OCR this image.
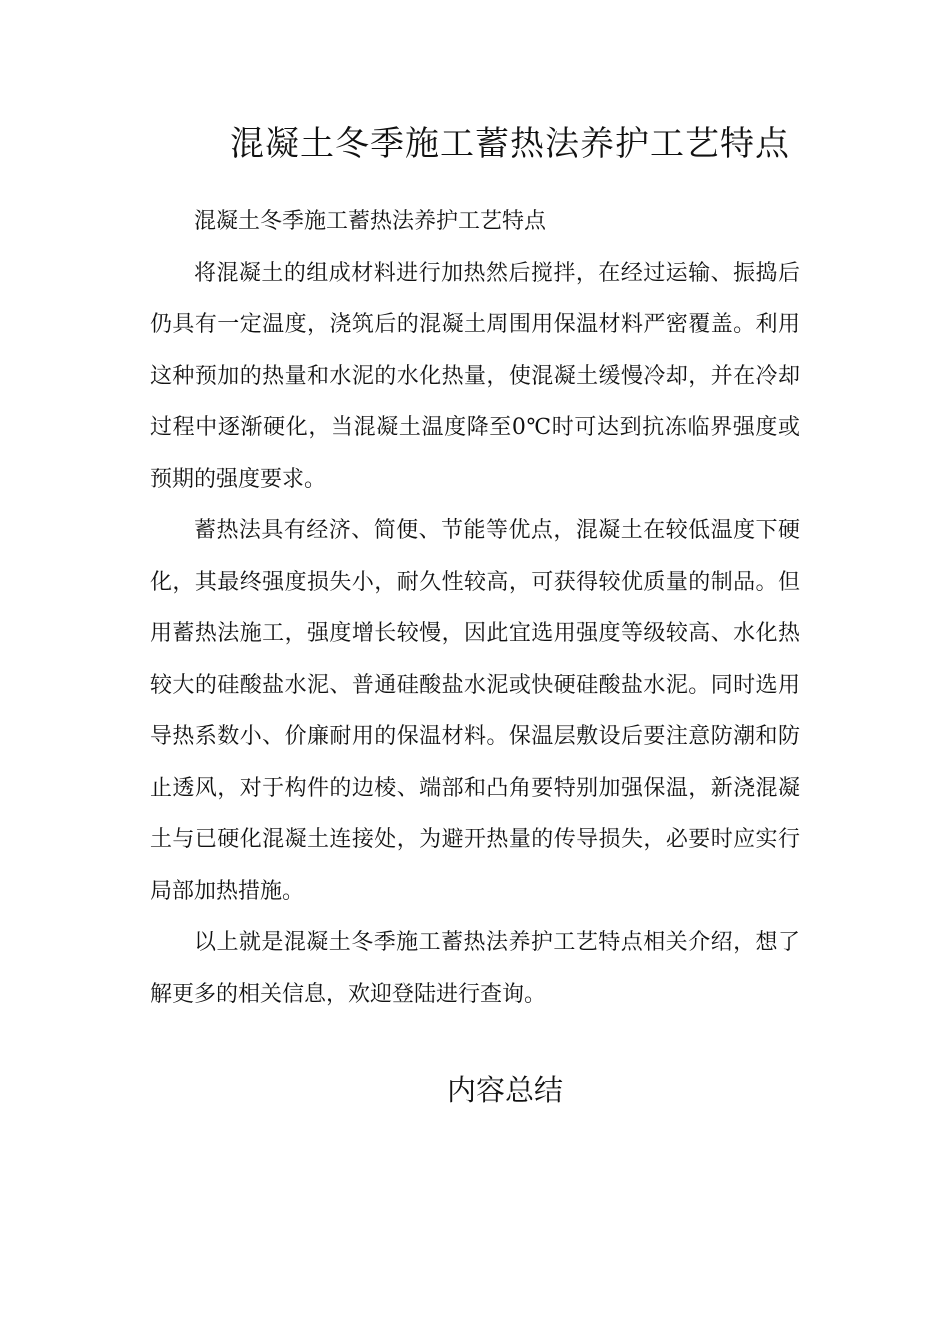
混凝土冬季施工蓄热法养护工艺特点

混凝土冬季施工蓄热法养护工艺特点

将混凝土的组成材料进行加热然后搅拌，在经过运输、振捣后仍具有一定温度，浇筑后的混凝土周围用保温材料严密覆盖。利用这种预加的热量和水泥的水化热量，使混凝土缓慢冷却，并在冷却过程中逐渐硬化，当混凝土温度降至0℃时可达到抗冻临界强度或预期的强度要求。

蓄热法具有经济、简便、节能等优点，混凝土在较低温度下硬化，其最终强度损失小，耐久性较高，可获得较优质量的制品。但用蓄热法施工，强度增长较慢，因此宜选用强度等级较高、水化热较大的硅酸盐水泥、普通硅酸盐水泥或快硬硅酸盐水泥。同时选用导热系数小、价廉耐用的保温材料。保温层敷设后要注意防潮和防止透风，对于构件的边棱、端部和凸角要特别加强保温，新浇混凝土与已硬化混凝土连接处，为避开热量的传导损失，必要时应实行局部加热措施。

以上就是混凝土冬季施工蓄热法养护工艺特点相关介绍，想了解更多的相关信息，欢迎登陆进行查询。

内容总结
